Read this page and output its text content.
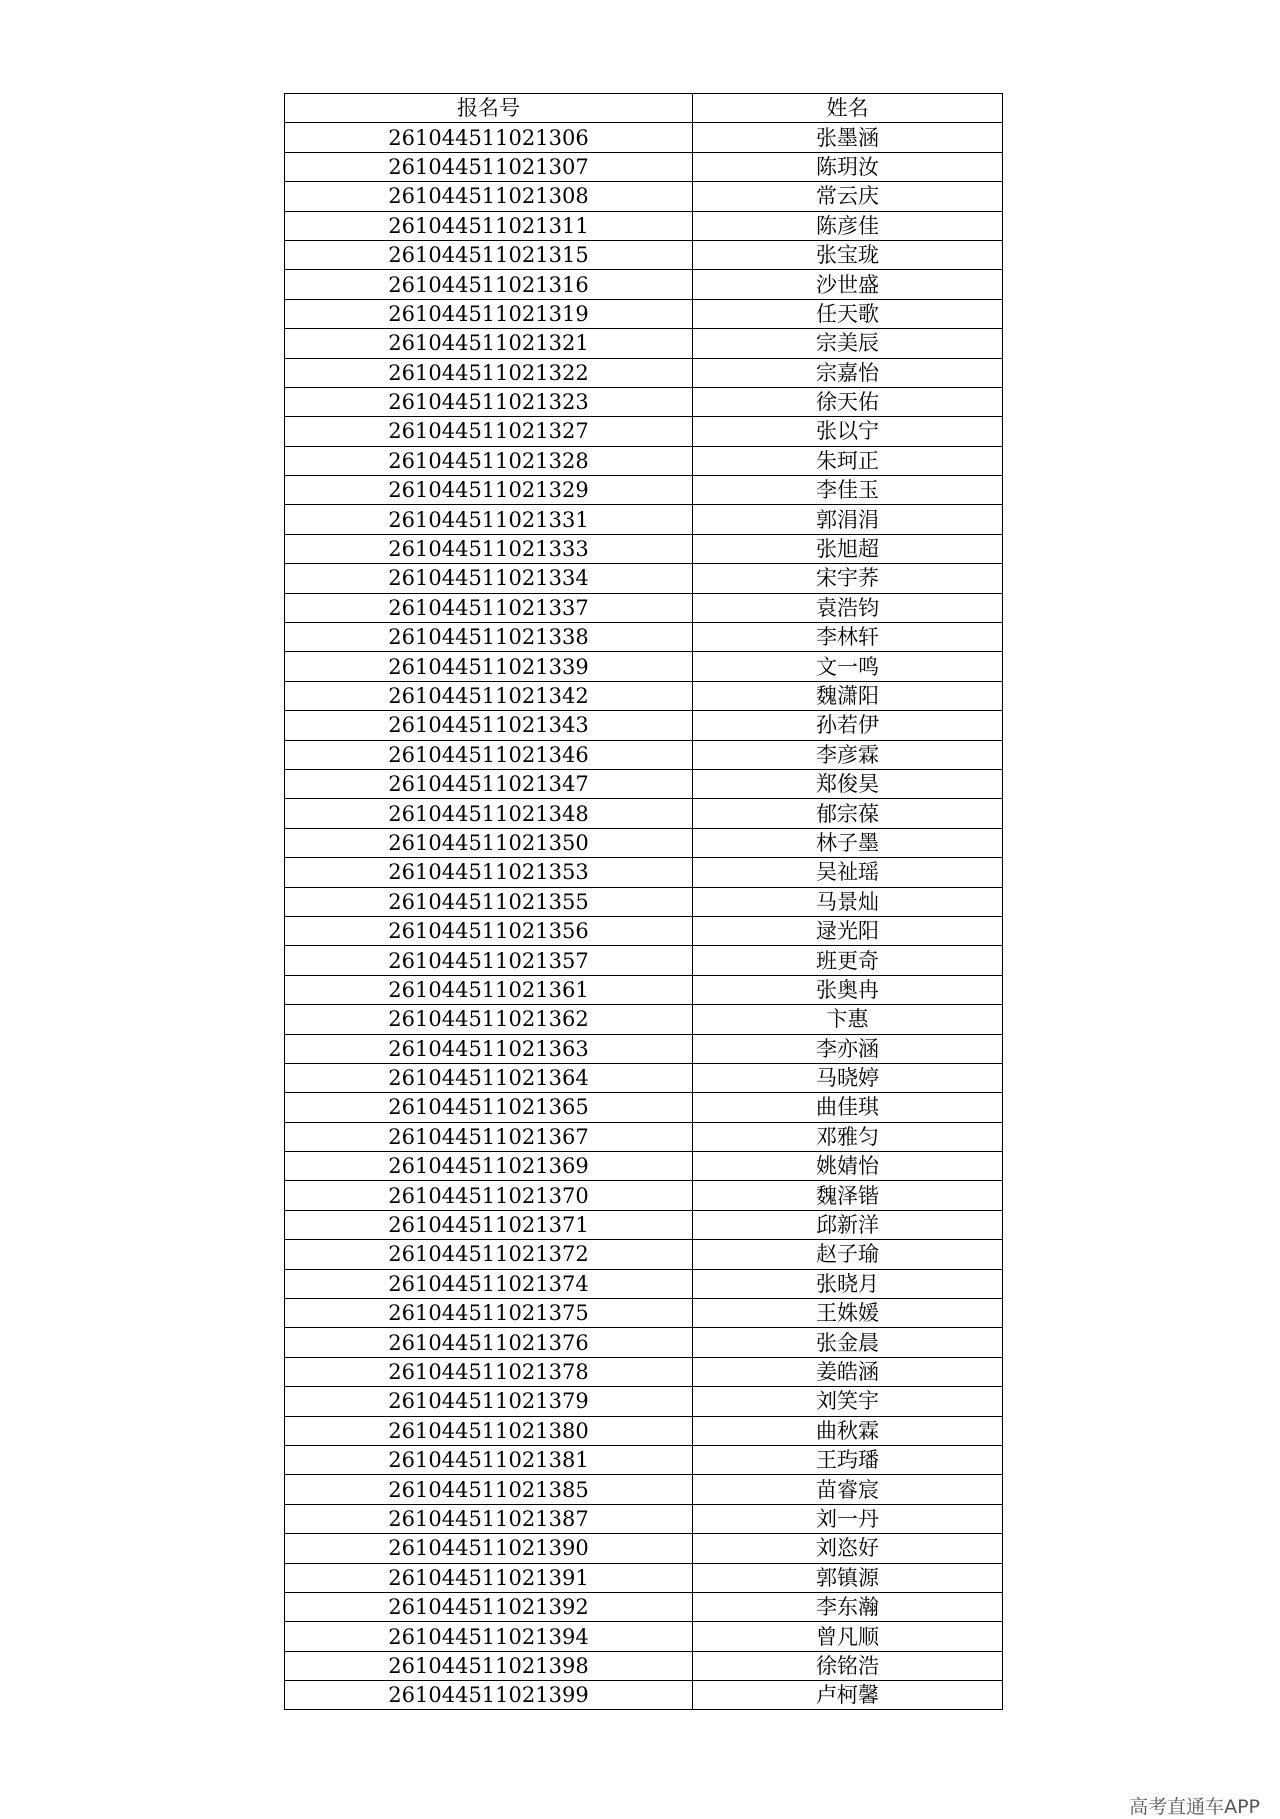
报名号	姓名
261044511021306	张墨涵
261044511021307	陈玥汝
261044511021308	常云庆
261044511021311	陈彦佳
261044511021315	张宝珑
261044511021316	沙世盛
261044511021319	任天歌
261044511021321	宗美辰
261044511021322	宗嘉怡
261044511021323	徐天佑
261044511021327	张以宁
261044511021328	朱珂正
261044511021329	李佳玉
261044511021331	郭涓涓
261044511021333	张旭超
261044511021334	宋宇荞
261044511021337	袁浩钧
261044511021338	李林轩
261044511021339	文一鸣
261044511021342	魏潇阳
261044511021343	孙若伊
261044511021346	李彦霖
261044511021347	郑俊昊
261044511021348	郁宗葆
261044511021350	林子墨
261044511021353	吴祉瑶
261044511021355	马景灿
261044511021356	逯光阳
261044511021357	班更奇
261044511021361	张奥冉
261044511021362	卞惠
261044511021363	李亦涵
261044511021364	马晓婷
261044511021365	曲佳琪
261044511021367	邓雅匀
261044511021369	姚婧怡
261044511021370	魏泽锴
261044511021371	邱新洋
261044511021372	赵子瑜
261044511021374	张晓月
261044511021375	王姝媛
261044511021376	张金晨
261044511021378	姜皓涵
261044511021379	刘笑宇
261044511021380	曲秋霖
261044511021381	王玙璠
261044511021385	苗睿宸
261044511021387	刘一丹
261044511021390	刘恣好
261044511021391	郭镇源
261044511021392	李东瀚
261044511021394	曾凡顺
261044511021398	徐铭浩
261044511021399	卢柯馨
高考直通车APP
